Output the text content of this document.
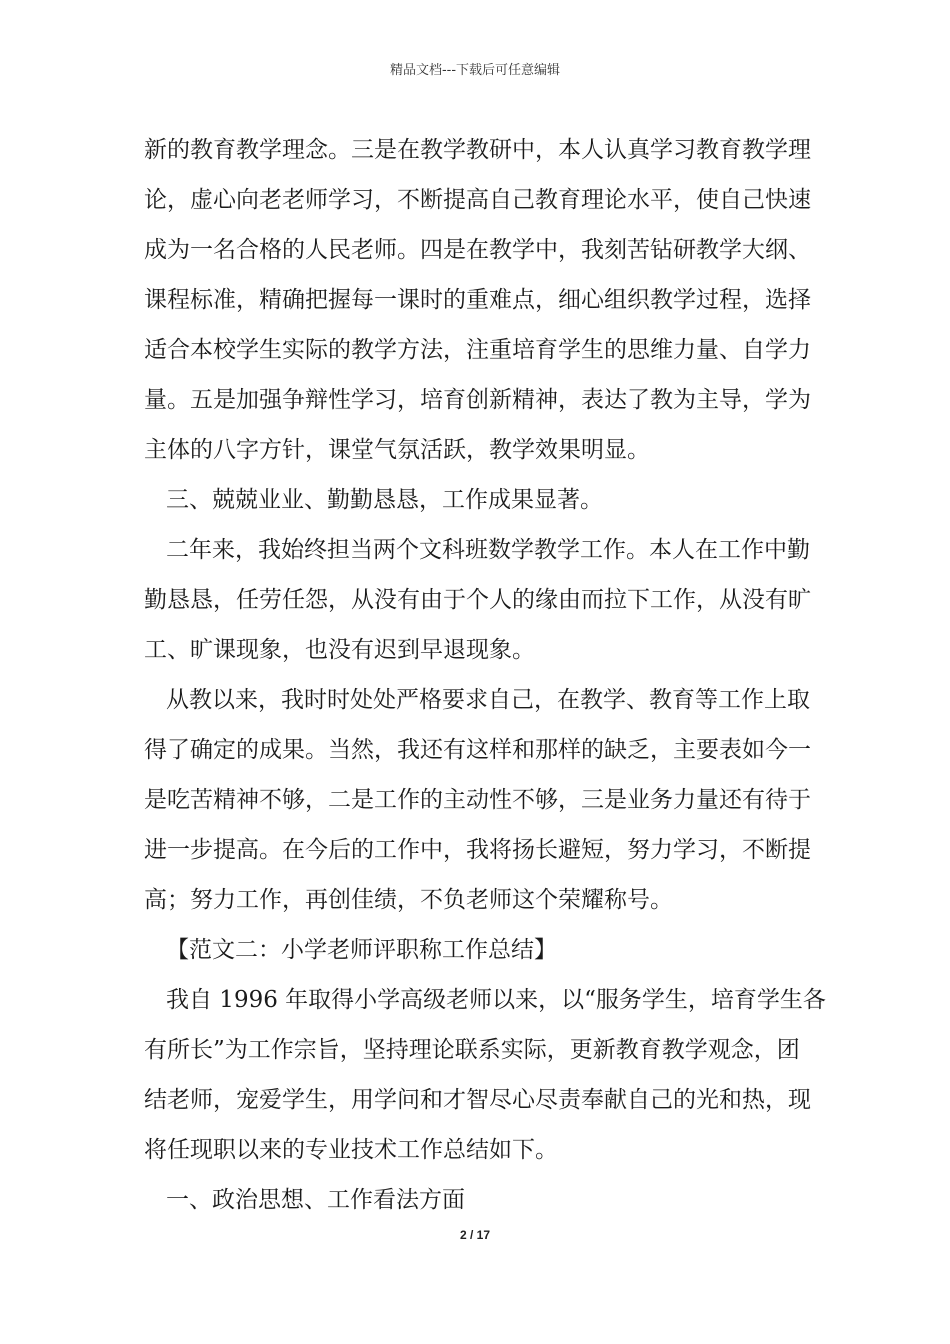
精品文档---下载后可任意编辑
新的教育教学理念。三是在教学教研中，本人认真学习教育教学理
论，虚心向老老师学习，不断提高自己教育理论水平，使自己快速
成为一名合格的人民老师。四是在教学中，我刻苦钻研教学大纲、
课程标准，精确把握每一课时的重难点，细心组织教学过程，选择
适合本校学生实际的教学方法，注重培育学生的思维力量、自学力
量。五是加强争辩性学习，培育创新精神，表达了教为主导，学为
主体的八字方针，课堂气氛活跃，教学效果明显。
三、兢兢业业、勤勤恳恳，工作成果显著。
二年来，我始终担当两个文科班数学教学工作。本人在工作中勤
勤恳恳，任劳任怨，从没有由于个人的缘由而拉下工作，从没有旷
工、旷课现象，也没有迟到早退现象。
从教以来，我时时处处严格要求自己，在教学、教育等工作上取
得了确定的成果。当然，我还有这样和那样的缺乏，主要表如今一
是吃苦精神不够，二是工作的主动性不够，三是业务力量还有待于
进一步提高。在今后的工作中，我将扬长避短，努力学习，不断提
高；努力工作，再创佳绩，不负老师这个荣耀称号。
【范文二：小学老师评职称工作总结】
我自 1996 年取得小学高级老师以来，以“服务学生，培育学生各
有所长”为工作宗旨，坚持理论联系实际，更新教育教学观念，团
结老师，宠爱学生，用学问和才智尽心尽责奉献自己的光和热，现
将任现职以来的专业技术工作总结如下。
一、政治思想、工作看法方面
2 / 17
